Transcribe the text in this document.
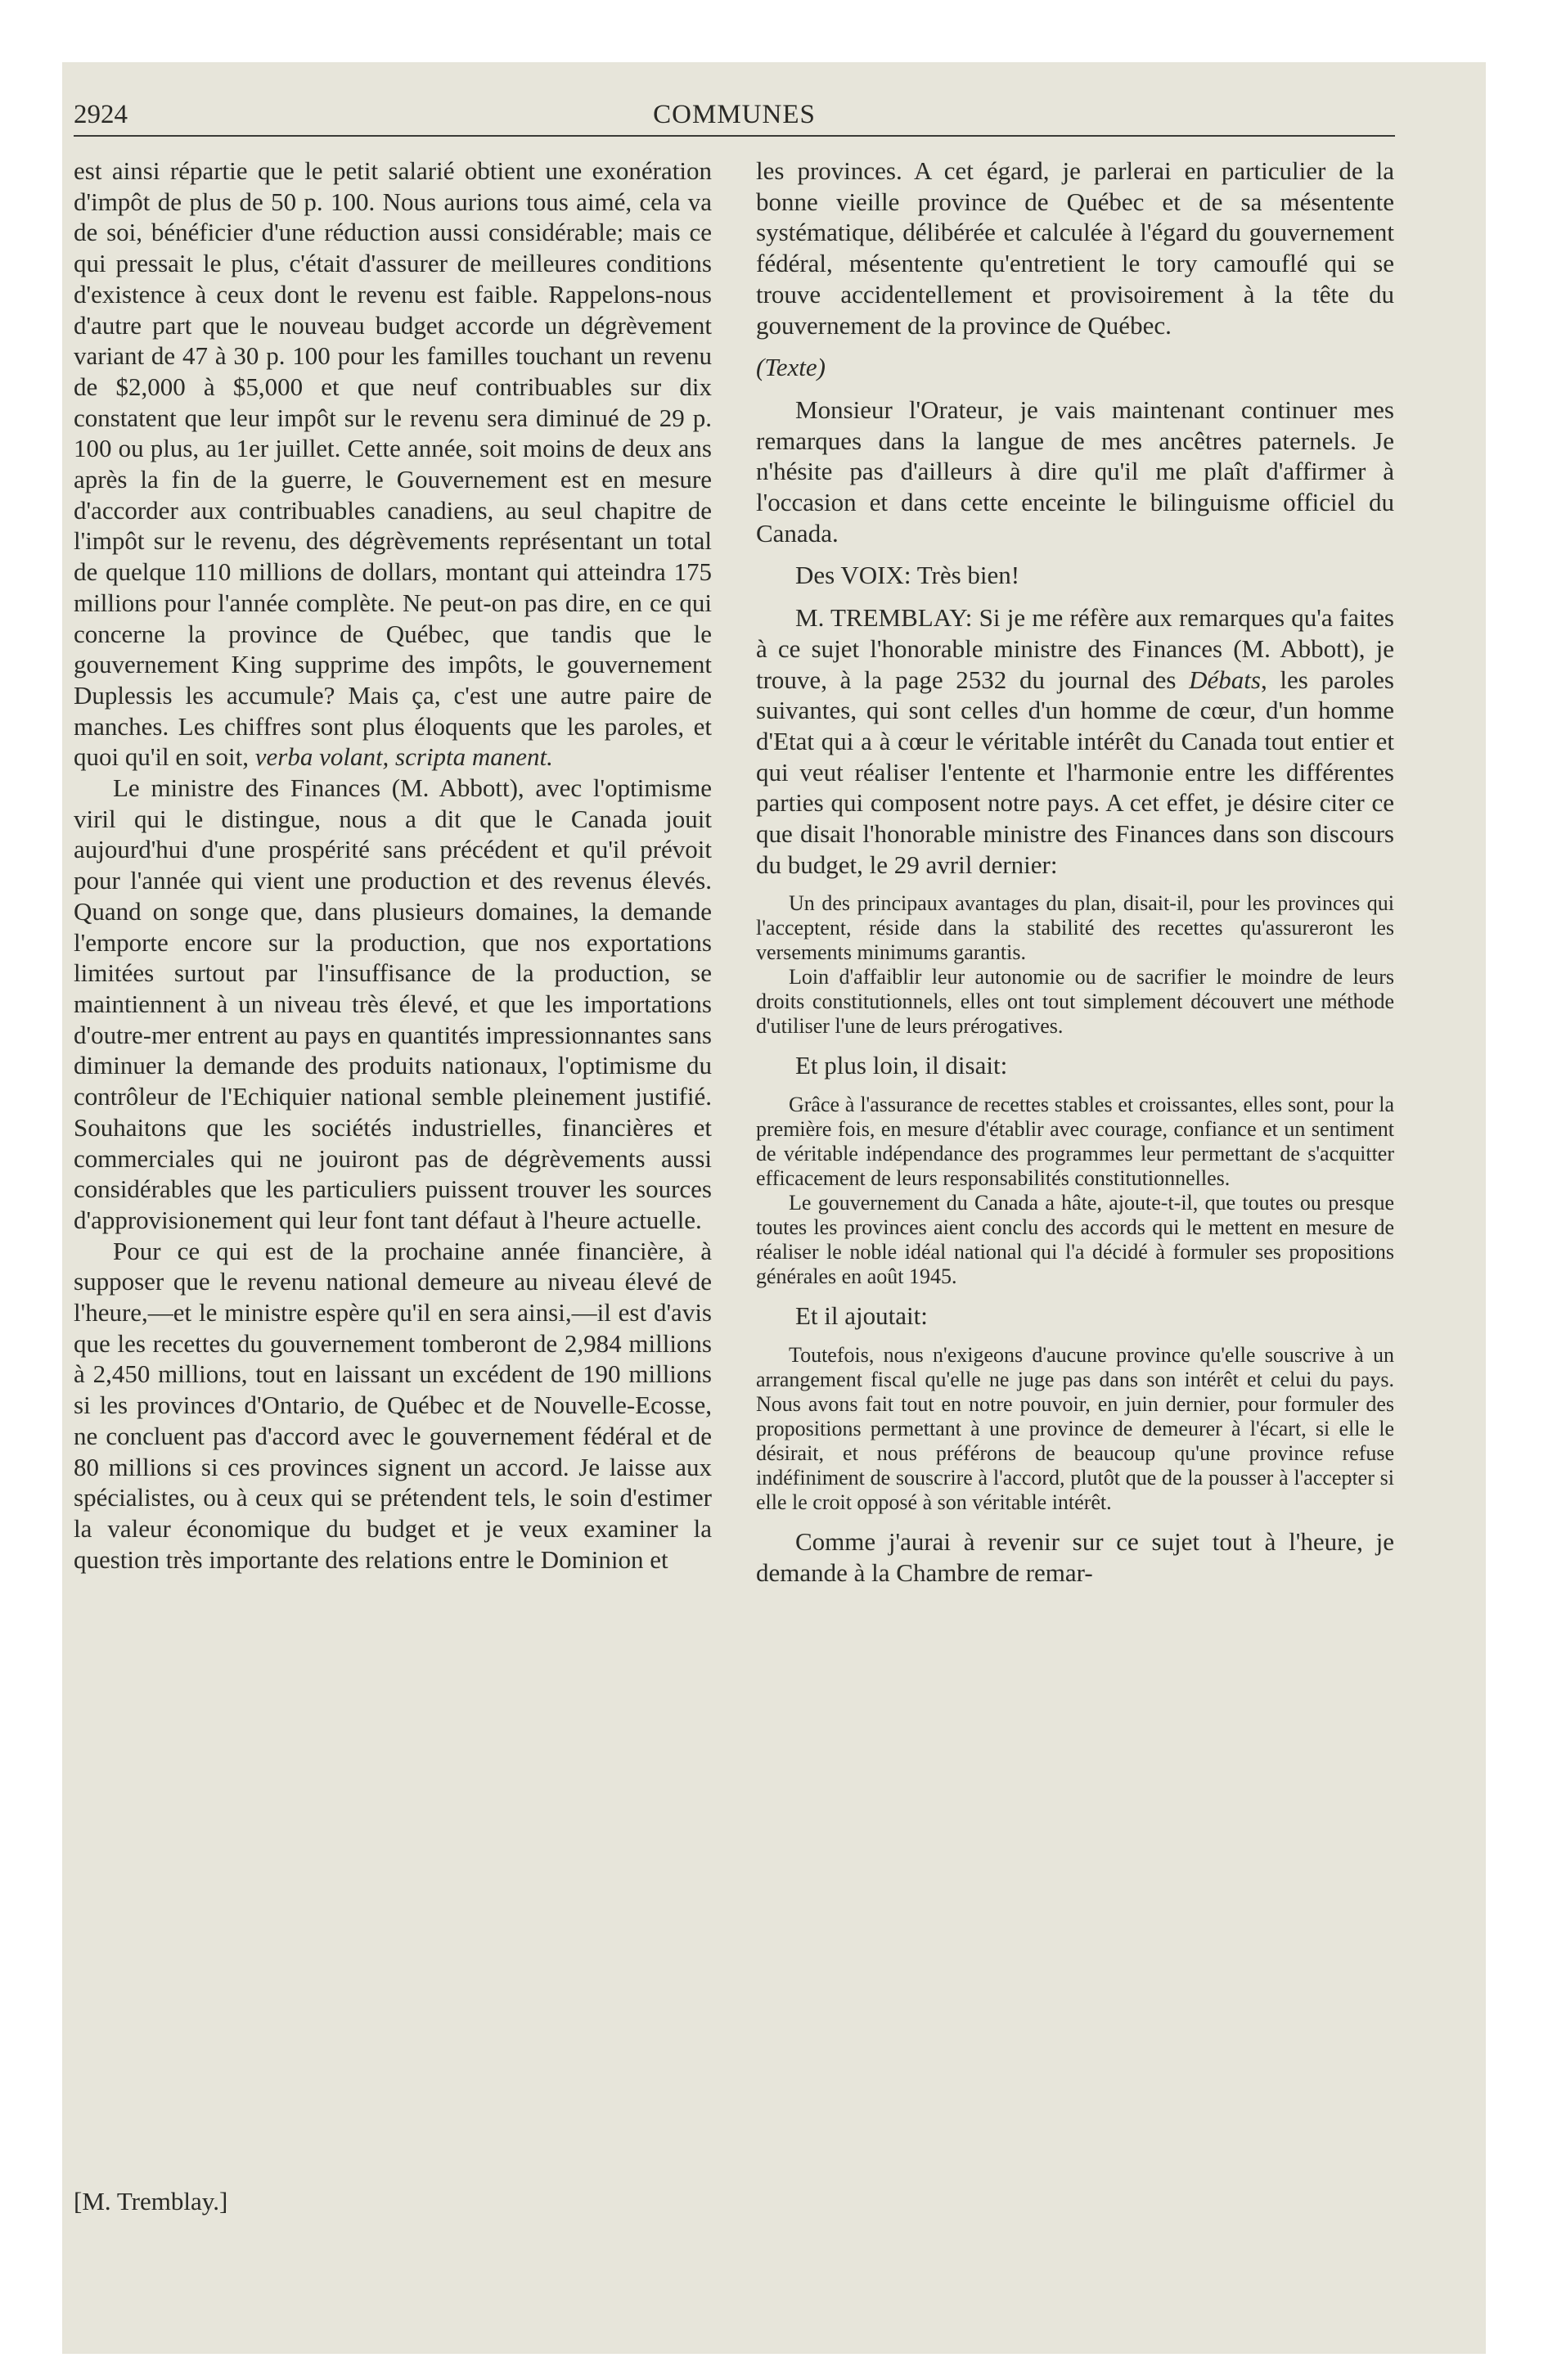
2924	COMMUNES

est ainsi répartie que le petit salarié obtient une exonération d'impôt de plus de 50 p. 100. Nous aurions tous aimé, cela va de soi, bénéficier d'une réduction aussi considérable; mais ce qui pressait le plus, c'était d'assurer de meilleures conditions d'existence à ceux dont le revenu est faible. Rappelons-nous d'autre part que le nouveau budget accorde un dégrèvement variant de 47 à 30 p. 100 pour les familles touchant un revenu de $2,000 à $5,000 et que neuf contribuables sur dix constatent que leur impôt sur le revenu sera diminué de 29 p. 100 ou plus, au 1er juillet. Cette année, soit moins de deux ans après la fin de la guerre, le Gouvernement est en mesure d'accorder aux contribuables canadiens, au seul chapitre de l'impôt sur le revenu, des dégrèvements représentant un total de quelque 110 millions de dollars, montant qui atteindra 175 millions pour l'année complète. Ne peut-on pas dire, en ce qui concerne la province de Québec, que tandis que le gouvernement King supprime des impôts, le gouvernement Duplessis les accumule? Mais ça, c'est une autre paire de manches. Les chiffres sont plus éloquents que les paroles, et quoi qu'il en soit, verba volant, scripta manent.

Le ministre des Finances (M. Abbott), avec l'optimisme viril qui le distingue, nous a dit que le Canada jouit aujourd'hui d'une prospérité sans précédent et qu'il prévoit pour l'année qui vient une production et des revenus élevés. Quand on songe que, dans plusieurs domaines, la demande l'emporte encore sur la production, que nos exportations limitées surtout par l'insuffisance de la production, se maintiennent à un niveau très élevé, et que les importations d'outre-mer entrent au pays en quantités impressionnantes sans diminuer la demande des produits nationaux, l'optimisme du contrôleur de l'Echiquier national semble pleinement justifié. Souhaitons que les sociétés industrielles, financières et commerciales qui ne jouiront pas de dégrèvements aussi considérables que les particuliers puissent trouver les sources d'approvisionement qui leur font tant défaut à l'heure actuelle.

Pour ce qui est de la prochaine année financière, à supposer que le revenu national demeure au niveau élevé de l'heure,—et le ministre espère qu'il en sera ainsi,—il est d'avis que les recettes du gouvernement tomberont de 2,984 millions à 2,450 millions, tout en laissant un excédent de 190 millions si les provinces d'Ontario, de Québec et de Nouvelle-Ecosse, ne concluent pas d'accord avec le gouvernement fédéral et de 80 millions si ces provinces signent un accord. Je laisse aux spécialistes, ou à ceux qui se prétendent tels, le soin d'estimer la valeur économique du budget et je veux examiner la question très importante des relations entre le Dominion et

[M. Tremblay.]

les provinces. A cet égard, je parlerai en particulier de la bonne vieille province de Québec et de sa mésentente systématique, délibérée et calculée à l'égard du gouvernement fédéral, mésentente qu'entretient le tory camouflé qui se trouve accidentellement et provisoirement à la tête du gouvernement de la province de Québec.

(Texte)

Monsieur l'Orateur, je vais maintenant continuer mes remarques dans la langue de mes ancêtres paternels. Je n'hésite pas d'ailleurs à dire qu'il me plaît d'affirmer à l'occasion et dans cette enceinte le bilinguisme officiel du Canada.

Des VOIX: Très bien!

M. TREMBLAY: Si je me réfère aux remarques qu'a faites à ce sujet l'honorable ministre des Finances (M. Abbott), je trouve, à la page 2532 du journal des Débats, les paroles suivantes, qui sont celles d'un homme de cœur, d'un homme d'Etat qui a à cœur le véritable intérêt du Canada tout entier et qui veut réaliser l'entente et l'harmonie entre les différentes parties qui composent notre pays. A cet effet, je désire citer ce que disait l'honorable ministre des Finances dans son discours du budget, le 29 avril dernier:

Un des principaux avantages du plan, disait-il, pour les provinces qui l'acceptent, réside dans la stabilité des recettes qu'assureront les versements minimums garantis.

Loin d'affaiblir leur autonomie ou de sacrifier le moindre de leurs droits constitutionnels, elles ont tout simplement découvert une méthode d'utiliser l'une de leurs prérogatives.

Et plus loin, il disait:

Grâce à l'assurance de recettes stables et croissantes, elles sont, pour la première fois, en mesure d'établir avec courage, confiance et un sentiment de véritable indépendance des programmes leur permettant de s'acquitter efficacement de leurs responsabilités constitutionnelles.

Le gouvernement du Canada a hâte, ajoute-t-il, que toutes ou presque toutes les provinces aient conclu des accords qui le mettent en mesure de réaliser le noble idéal national qui l'a décidé à formuler ses propositions générales en août 1945.

Et il ajoutait:

Toutefois, nous n'exigeons d'aucune province qu'elle souscrive à un arrangement fiscal qu'elle ne juge pas dans son intérêt et celui du pays. Nous avons fait tout en notre pouvoir, en juin dernier, pour formuler des propositions permettant à une province de demeurer à l'écart, si elle le désirait, et nous préférons de beaucoup qu'une province refuse indéfiniment de souscrire à l'accord, plutôt que de la pousser à l'accepter si elle le croit opposé à son véritable intérêt.

Comme j'aurai à revenir sur ce sujet tout à l'heure, je demande à la Chambre de remar-
